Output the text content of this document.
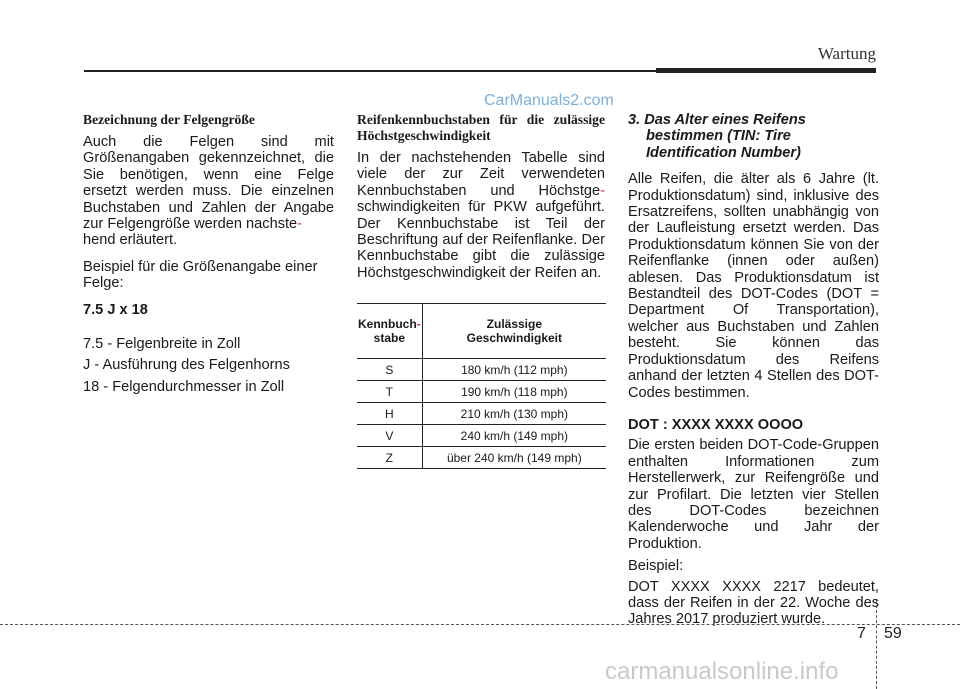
Wartung
CarManuals2.com
Bezeichnung der Felgengröße

Auch die Felgen sind mit Größenangaben gekennzeichnet, die Sie benötigen, wenn eine Felge ersetzt werden muss. Die einzelnen Buchstaben und Zahlen der Angabe zur Felgengröße werden nachste-
hend erläutert.

Beispiel für die Größenangabe einer Felge:

7.5 J x 18

7.5 - Felgenbreite in Zoll

J - Ausführung des Felgenhorns

18 - Felgendurchmesser in Zoll

Reifenkennbuchstaben für die zulässige Höchstgeschwindigkeit

In der nachstehenden Tabelle sind viele der zur Zeit verwendeten Kennbuchstaben und Höchstge- schwindigkeiten für PKW aufgeführt. Der Kennbuchstabe ist Teil der Beschriftung auf der Reifenflanke. Der Kennbuchstabe gibt die zulässige Höchstgeschwindigkeit der Reifen an.

Kennbuch-
stabe	Zulässige
Geschwindigkeit
S	180 km/h (112 mph)
T	190 km/h (118 mph)
H	210 km/h (130 mph)
V	240 km/h (149 mph)
Z	über 240 km/h (149 mph)
3. Das Alter eines Reifens bestimmen (TIN: Tire Identification Number)

Alle Reifen, die älter als 6 Jahre (lt. Produktionsdatum) sind, inklusive des Ersatzreifens, sollten unabhängig von der Laufleistung ersetzt werden. Das Produktionsdatum können Sie von der Reifenflanke (innen oder außen) ablesen. Das Produktionsdatum ist Bestandteil des DOT-Codes (DOT = Department Of Transportation), welcher aus Buchstaben und Zahlen besteht. Sie können das Produktionsdatum des Reifens anhand der letzten 4 Stellen des DOT-Codes bestimmen.

DOT : XXXX XXXX OOOO

Die ersten beiden DOT-Code-Gruppen enthalten Informationen zum Herstellerwerk, zur Reifengröße und zur Profilart. Die letzten vier Stellen des DOT-Codes bezeichnen Kalenderwoche und Jahr der Produktion.

Beispiel:

DOT XXXX XXXX 2217 bedeutet, dass der Reifen in der 22. Woche des Jahres 2017 produziert wurde.

7 59
carmanualsonline.info
